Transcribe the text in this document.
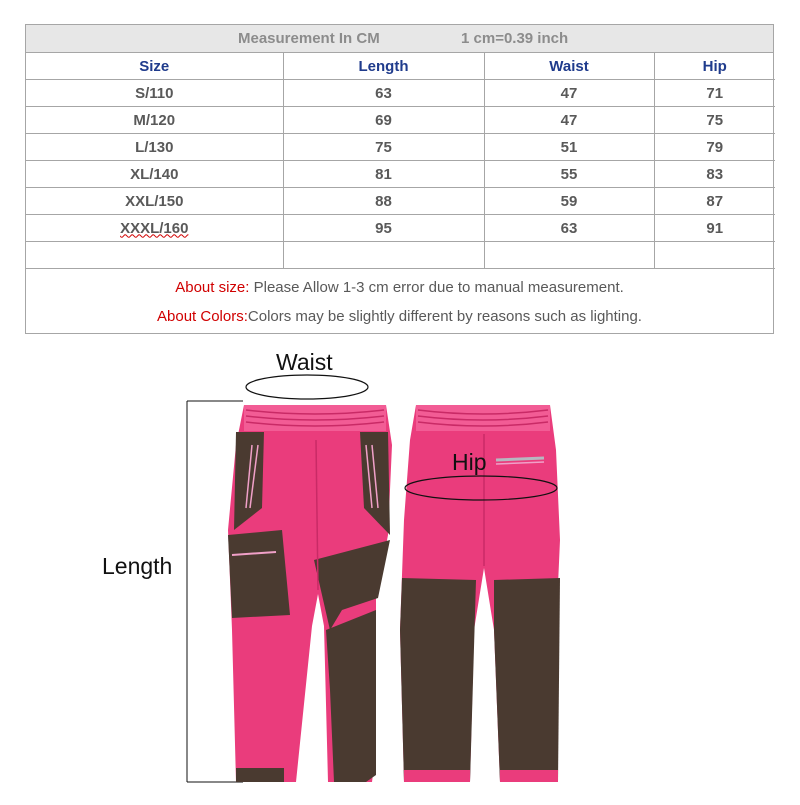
Measurement In CM	1 cm=0.39 inch
Size	Length	Waist	Hip
S/110	63	47	71
M/120	69	47	75
L/130	75	51	79
XL/140	81	55	83
XXL/150	88	59	87
XXXL/160	95	63	91

About size: Please Allow 1-3 cm error due to manual measurement.
About Colors:Colors may be slightly different by reasons such as lighting.
Waist
Hip
Length
